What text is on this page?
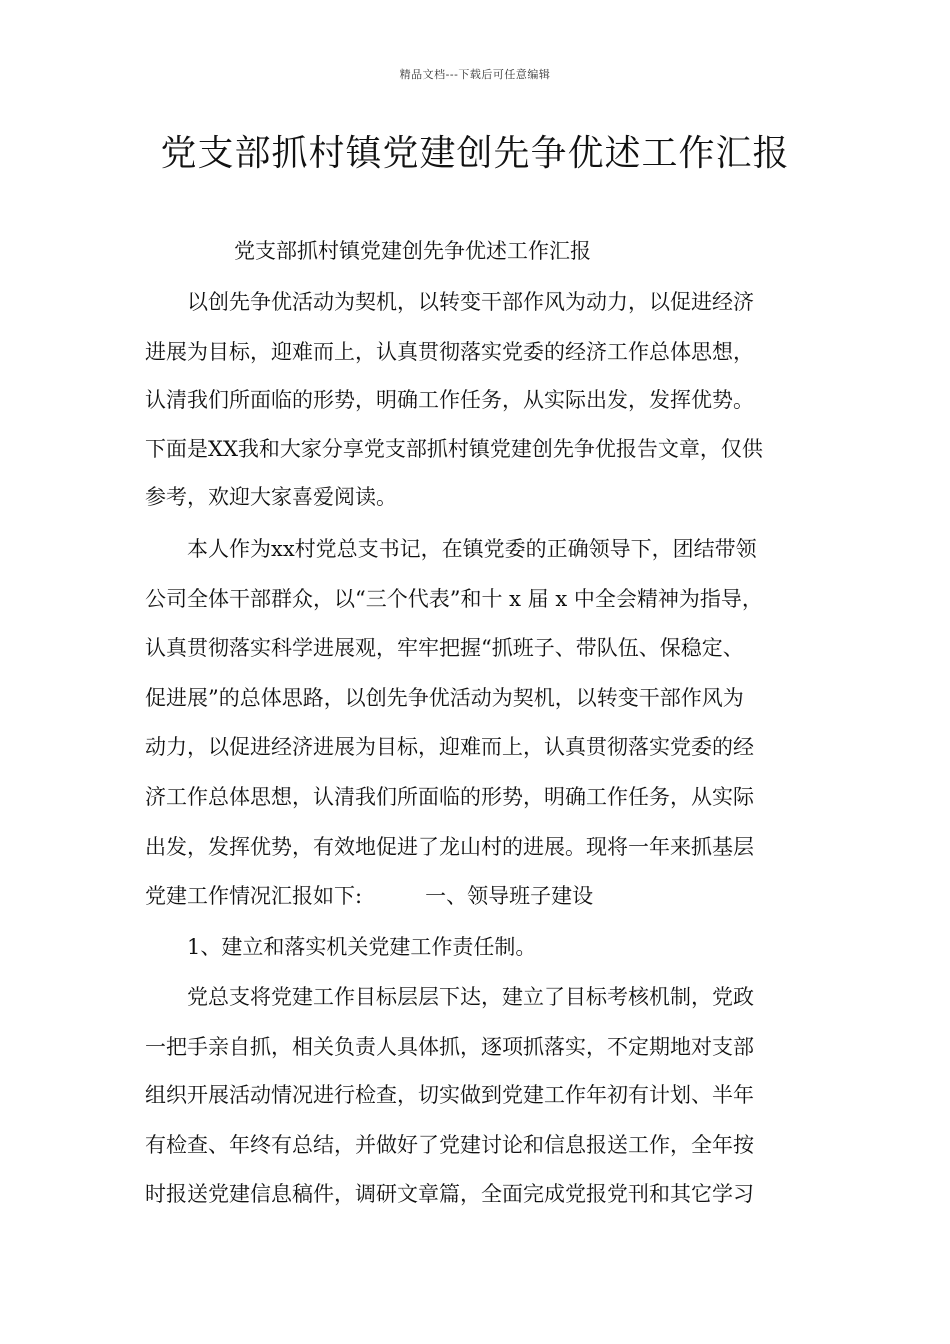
精品文档---下载后可任意编辑
党支部抓村镇党建创先争优述工作汇报
党支部抓村镇党建创先争优述工作汇报
以创先争优活动为契机，以转变干部作风为动力，以促进经济
进展为目标，迎难而上，认真贯彻落实党委的经济工作总体思想，
认清我们所面临的形势，明确工作任务，从实际出发，发挥优势。
下面是XX我和大家分享党支部抓村镇党建创先争优报告文章，仅供
参考，欢迎大家喜爱阅读。
本人作为xx村党总支书记，在镇党委的正确领导下，团结带领
公司全体干部群众，以“三个代表”和十 x 届 x 中全会精神为指导，
认真贯彻落实科学进展观，牢牢把握“抓班子、带队伍、保稳定、
促进展”的总体思路，以创先争优活动为契机，以转变干部作风为
动力，以促进经济进展为目标，迎难而上，认真贯彻落实党委的经
济工作总体思想，认清我们所面临的形势，明确工作任务，从实际
出发，发挥优势，有效地促进了龙山村的进展。现将一年来抓基层
党建工作情况汇报如下:　　　一、领导班子建设
1、建立和落实机关党建工作责任制。
党总支将党建工作目标层层下达，建立了目标考核机制，党政
一把手亲自抓，相关负责人具体抓，逐项抓落实，不定期地对支部
组织开展活动情况进行检查，切实做到党建工作年初有计划、半年
有检查、年终有总结，并做好了党建讨论和信息报送工作，全年按
时报送党建信息稿件，调研文章篇，全面完成党报党刊和其它学习
